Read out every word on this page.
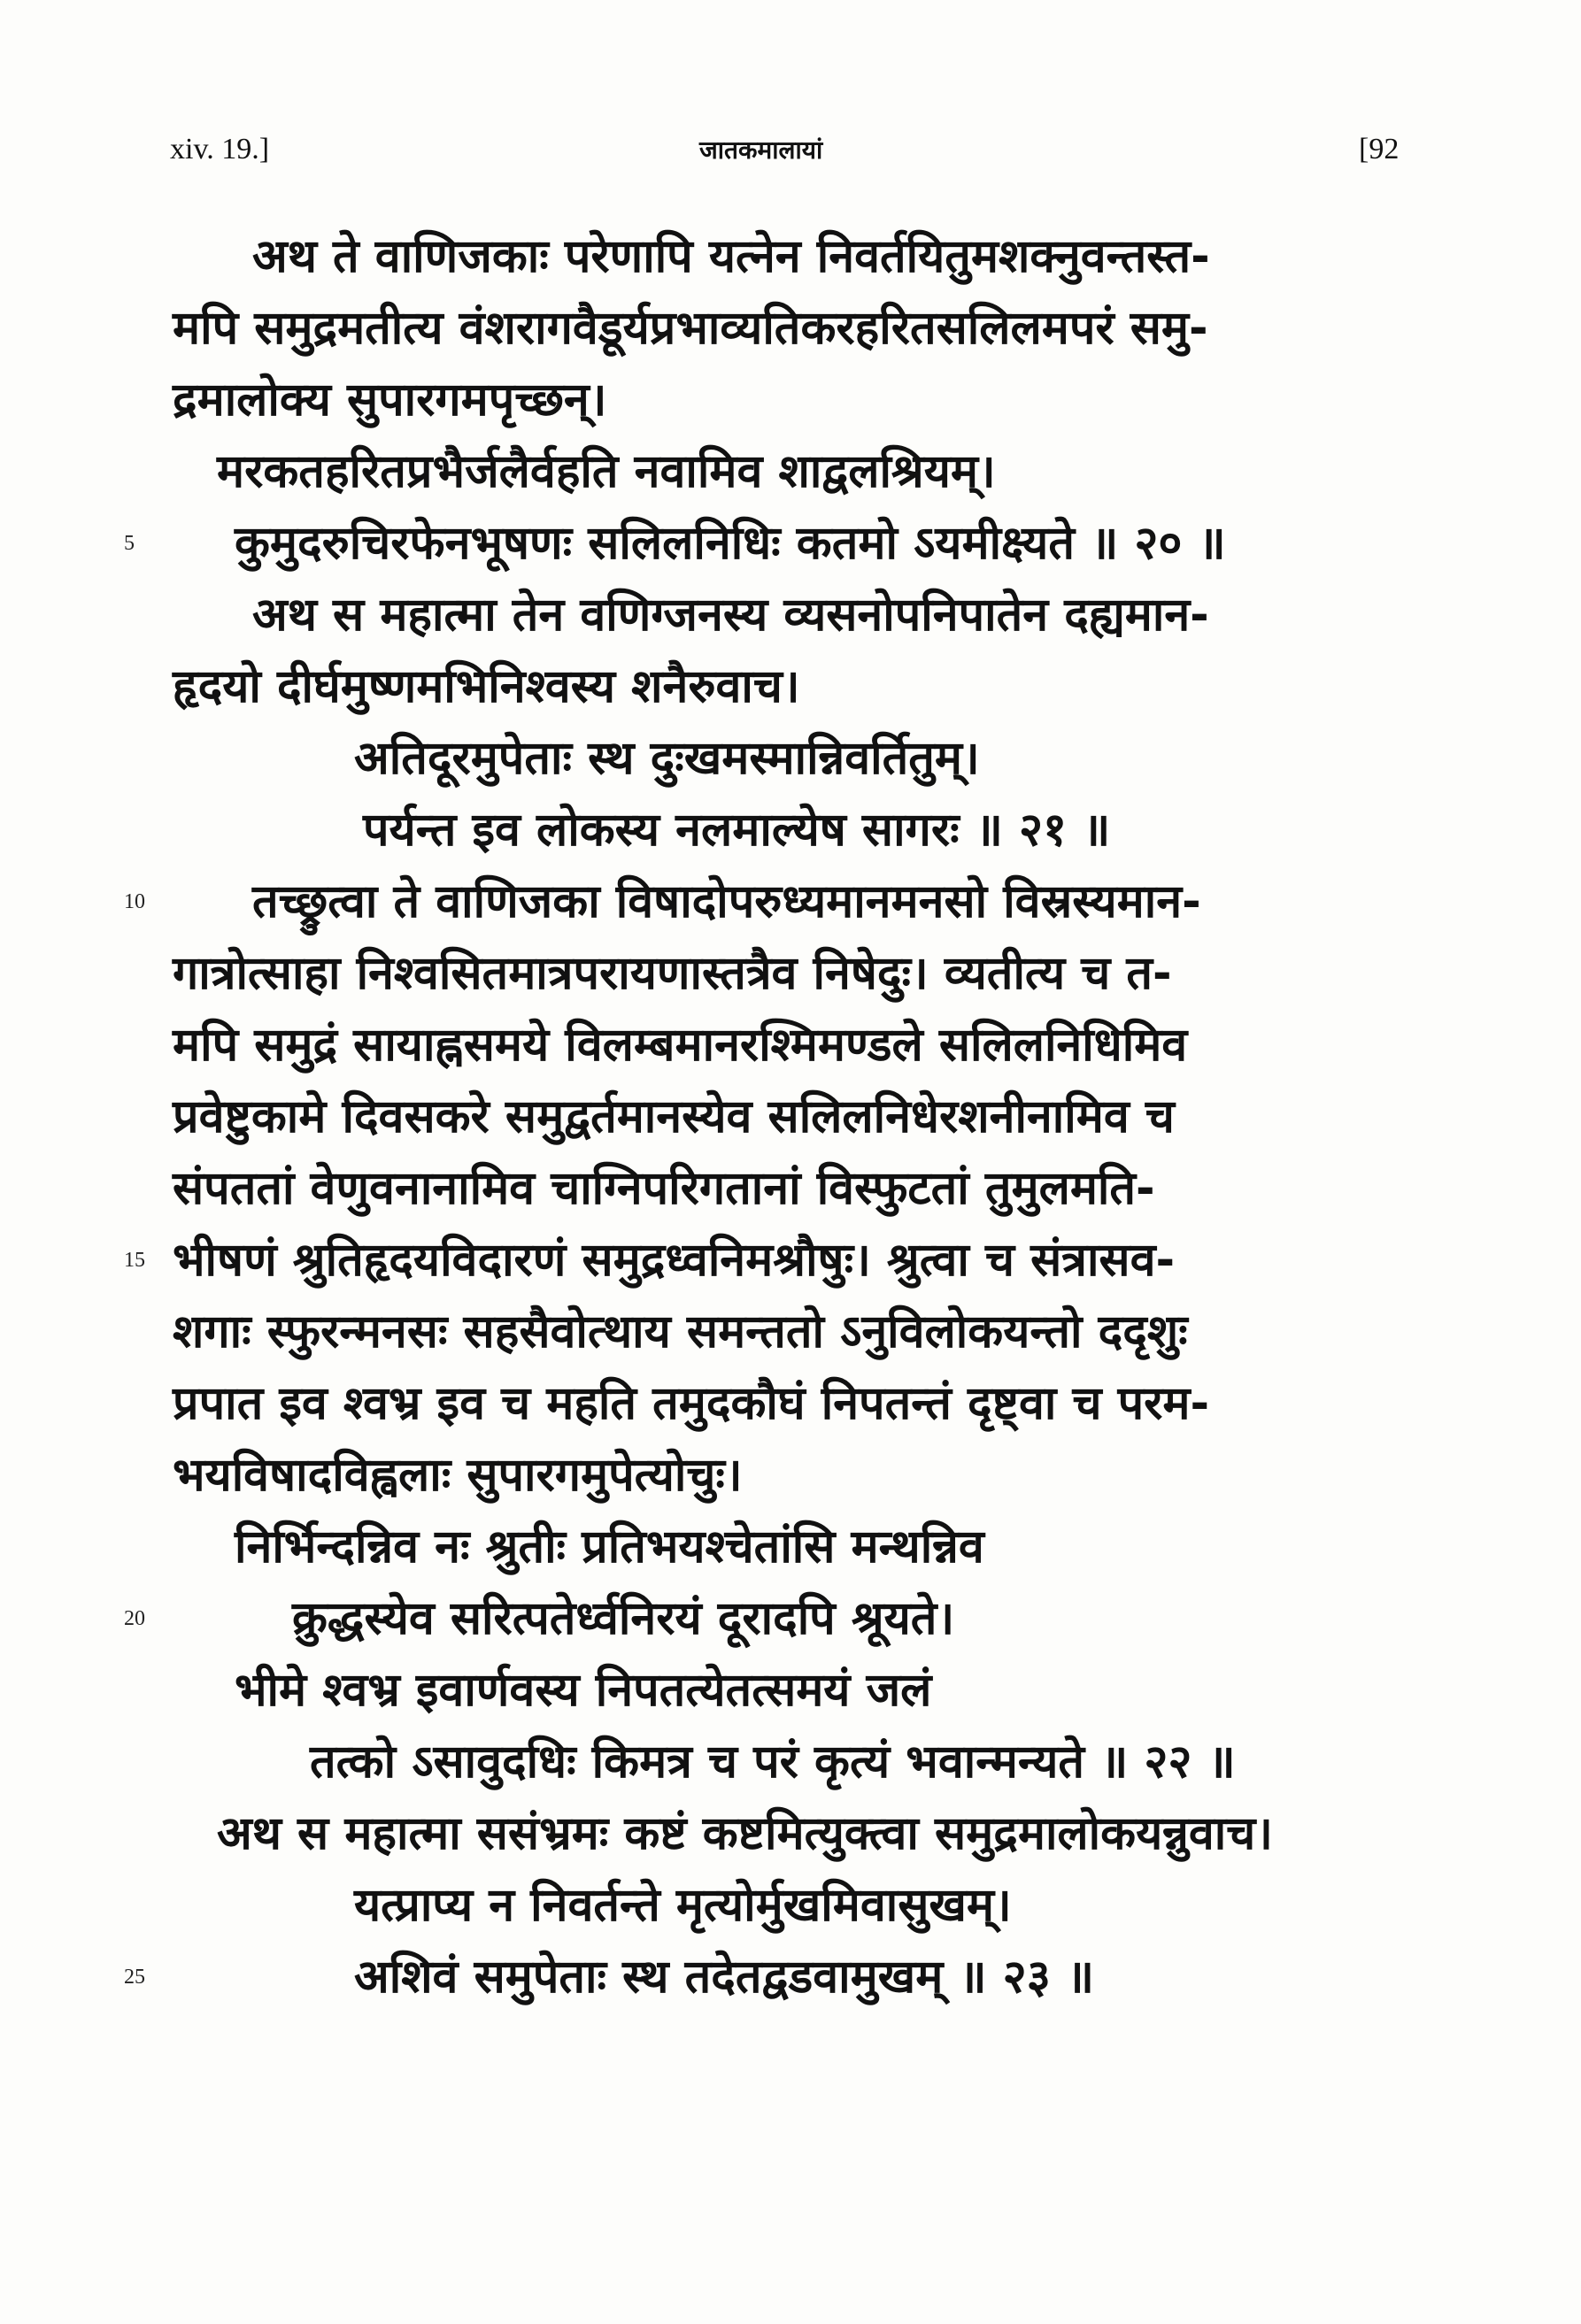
xiv. 19.]	जातकमालायां	[92
अथ ते वाणिजकाः परेणापि यत्नेन निवर्तयितुमशक्नुवन्तस्त-
मपि समुद्रमतीत्य वंशरागवैडूर्यप्रभाव्यतिकरहरितसलिलमपरं समु-
द्रमालोक्य सुपारगमपृच्छन्।
मरकतहरितप्रभैर्जलैर्वहति नवामिव शाद्वलश्रियम्।
5 कुमुदरुचिरफेनभूषणः सलिलनिधिः कतमो ऽयमीक्ष्यते ॥ २० ॥
अथ स महात्मा तेन वणिग्जनस्य व्यसनोपनिपातेन दह्यमान-
हृदयो दीर्घमुष्णमभिनिश्वस्य शनैरुवाच।
अतिदूरमुपेताः स्थ दुःखमस्मान्निवर्तितुम्।
पर्यन्त इव लोकस्य नलमाल्येष सागरः ॥ २१ ॥
10 तच्छ्रुत्वा ते वाणिजका विषादोपरुध्यमानमनसो विस्रस्यमान-
गात्रोत्साहा निश्वसितमात्रपरायणास्तत्रैव निषेदुः। व्यतीत्य च त-
मपि समुद्रं सायाह्नसमये विलम्बमानरश्मिमण्डले सलिलनिधिमिव
प्रवेष्टुकामे दिवसकरे समुद्वर्तमानस्येव सलिलनिधेरशनीनामिव च
संपततां वेणुवनानामिव चाग्निपरिगतानां विस्फुटतां तुमुलमति-
15 भीषणं श्रुतिहृदयविदारणं समुद्रध्वनिमश्रौषुः। श्रुत्वा च संत्रासव-
शगाः स्फुरन्मनसः सहसैवोत्थाय समन्ततो ऽनुविलोकयन्तो ददृशुः
प्रपात इव श्वभ्र इव च महति तमुदकौघं निपतन्तं दृष्ट्वा च परम-
भयविषादविह्वलाः सुपारगमुपेत्योचुः।
निर्भिन्दन्निव नः श्रुतीः प्रतिभयश्चेतांसि मन्थन्निव
20	क्रुद्धस्येव सरित्पतेर्ध्वनिरयं दूरादपि श्रूयते।
भीमे श्वभ्र इवार्णवस्य निपतत्येतत्समयं जलं
तत्को ऽसावुदधिः किमत्र च परं कृत्यं भवान्मन्यते ॥ २२ ॥
अथ स महात्मा ससंभ्रमः कष्टं कष्टमित्युक्त्वा समुद्रमालोकयन्नुवाच।
यत्प्राप्य न निवर्तन्ते मृत्योर्मुखमिवासुखम्।
25	अशिवं समुपेताः स्थ तदेतद्वडवामुखम् ॥ २३ ॥
